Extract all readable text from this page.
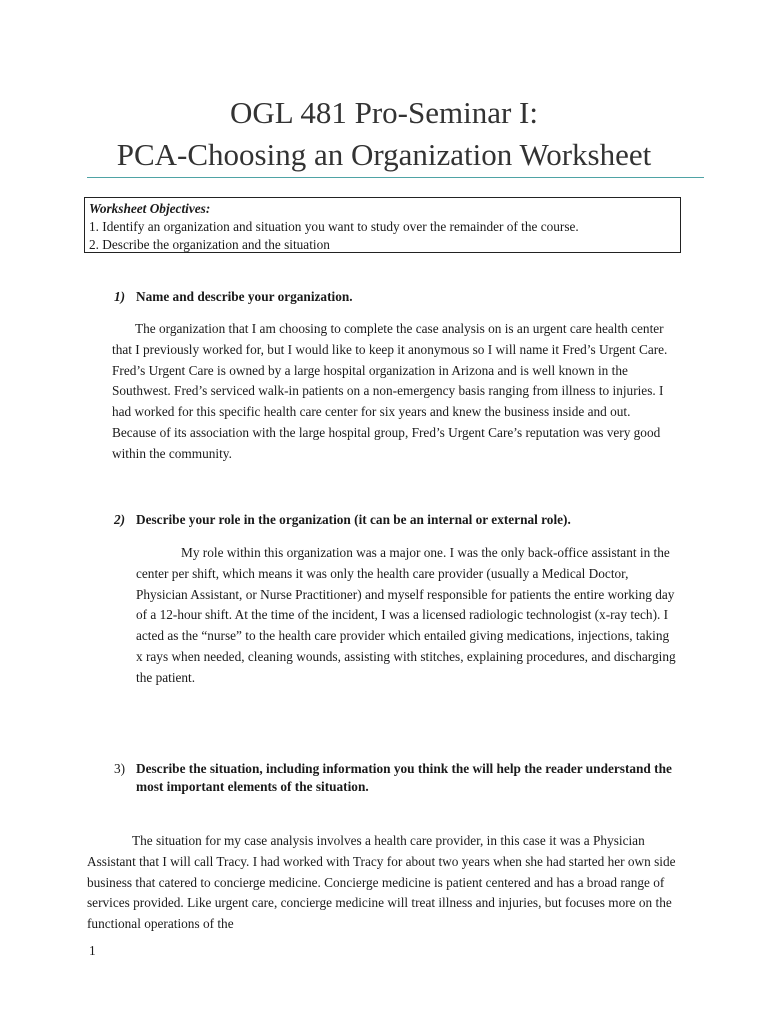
OGL 481 Pro-Seminar I:
PCA-Choosing an Organization Worksheet
Worksheet Objectives:
1. Identify an organization and situation you want to study over the remainder of the course.
2. Describe the organization and the situation
1) Name and describe your organization.

The organization that I am choosing to complete the case analysis on is an urgent care health center that I previously worked for, but I would like to keep it anonymous so I will name it Fred’s Urgent Care. Fred’s Urgent Care is owned by a large hospital organization in Arizona and is well known in the Southwest. Fred’s serviced walk-in patients on a non-emergency basis ranging from illness to injuries. I had worked for this specific health care center for six years and knew the business inside and out. Because of its association with the large hospital group, Fred’s Urgent Care’s reputation was very good within the community.

2) Describe your role in the organization (it can be an internal or external role).

My role within this organization was a major one. I was the only back-office assistant in the center per shift, which means it was only the health care provider (usually a Medical Doctor, Physician Assistant, or Nurse Practitioner) and myself responsible for patients the entire working day of a 12-hour shift. At the time of the incident, I was a licensed radiologic technologist (x-ray tech). I acted as the “nurse” to the health care provider which entailed giving medications, injections, taking x rays when needed, cleaning wounds, assisting with stitches, explaining procedures, and discharging the patient.

3) Describe the situation, including information you think the will help the reader understand the most important elements of the situation.

The situation for my case analysis involves a health care provider, in this case it was a Physician Assistant that I will call Tracy. I had worked with Tracy for about two years when she had started her own side business that catered to concierge medicine. Concierge medicine is patient centered and has a broad range of services provided. Like urgent care, concierge medicine will treat illness and injuries, but focuses more on the functional operations of the

1
